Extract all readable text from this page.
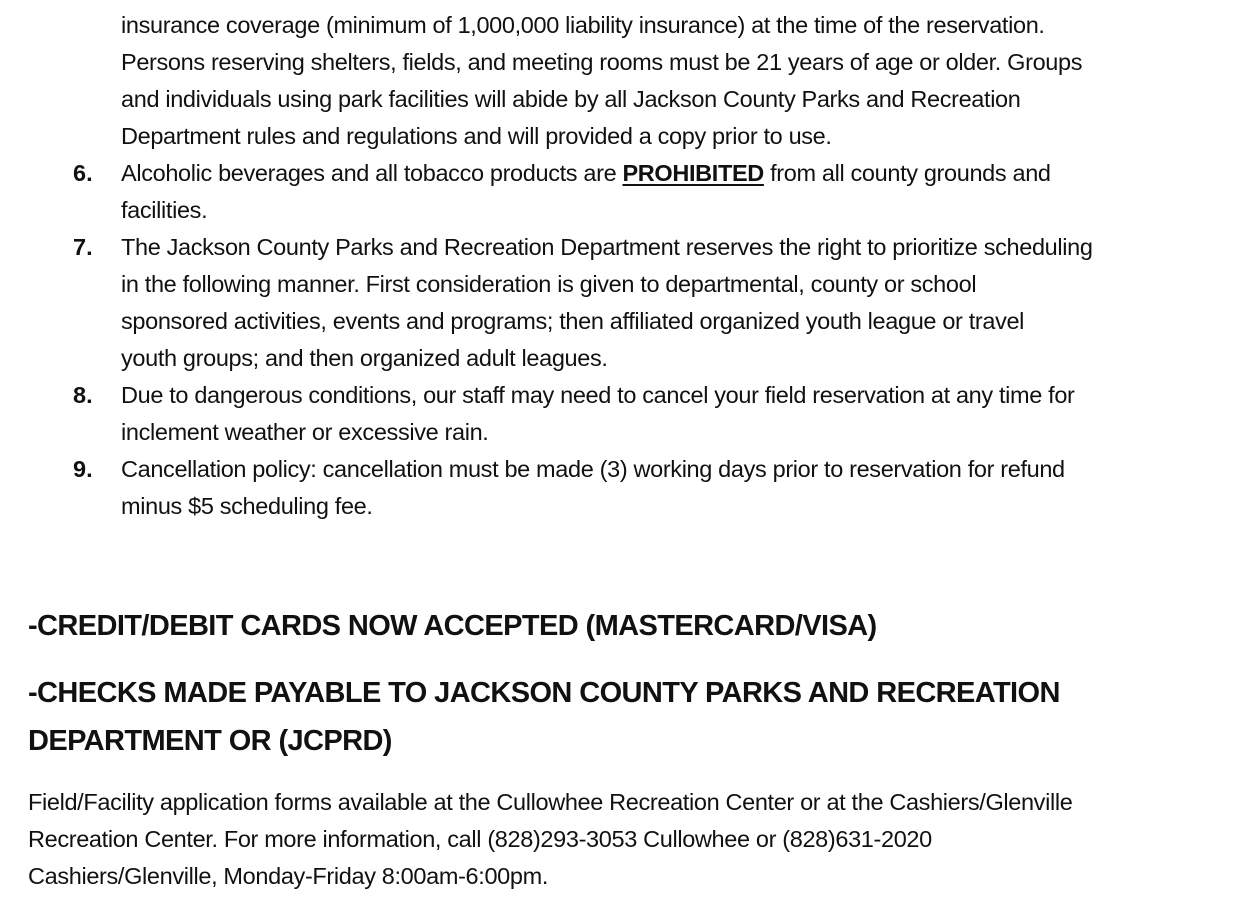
insurance coverage (minimum of 1,000,000 liability insurance) at the time of the reservation.
Persons reserving shelters, fields, and meeting rooms must be 21 years of age or older. Groups
and individuals using park facilities will abide by all Jackson County Parks and Recreation
Department rules and regulations and will provided a copy prior to use.
6. Alcoholic beverages and all tobacco products are PROHIBITED from all county grounds and
facilities.
7. The Jackson County Parks and Recreation Department reserves the right to prioritize scheduling
in the following manner. First consideration is given to departmental, county or school
sponsored activities, events and programs; then affiliated organized youth league or travel
youth groups; and then organized adult leagues.
8. Due to dangerous conditions, our staff may need to cancel your field reservation at any time for
inclement weather or excessive rain.
9. Cancellation policy: cancellation must be made (3) working days prior to reservation for refund
minus $5 scheduling fee.
-CREDIT/DEBIT CARDS NOW ACCEPTED (MASTERCARD/VISA)
-CHECKS MADE PAYABLE TO JACKSON COUNTY PARKS AND RECREATION
DEPARTMENT OR (JCPRD)
Field/Facility application forms available at the Cullowhee Recreation Center or at the Cashiers/Glenville
Recreation Center. For more information, call (828)293-3053 Cullowhee or (828)631-2020
Cashiers/Glenville, Monday-Friday 8:00am-6:00pm.
